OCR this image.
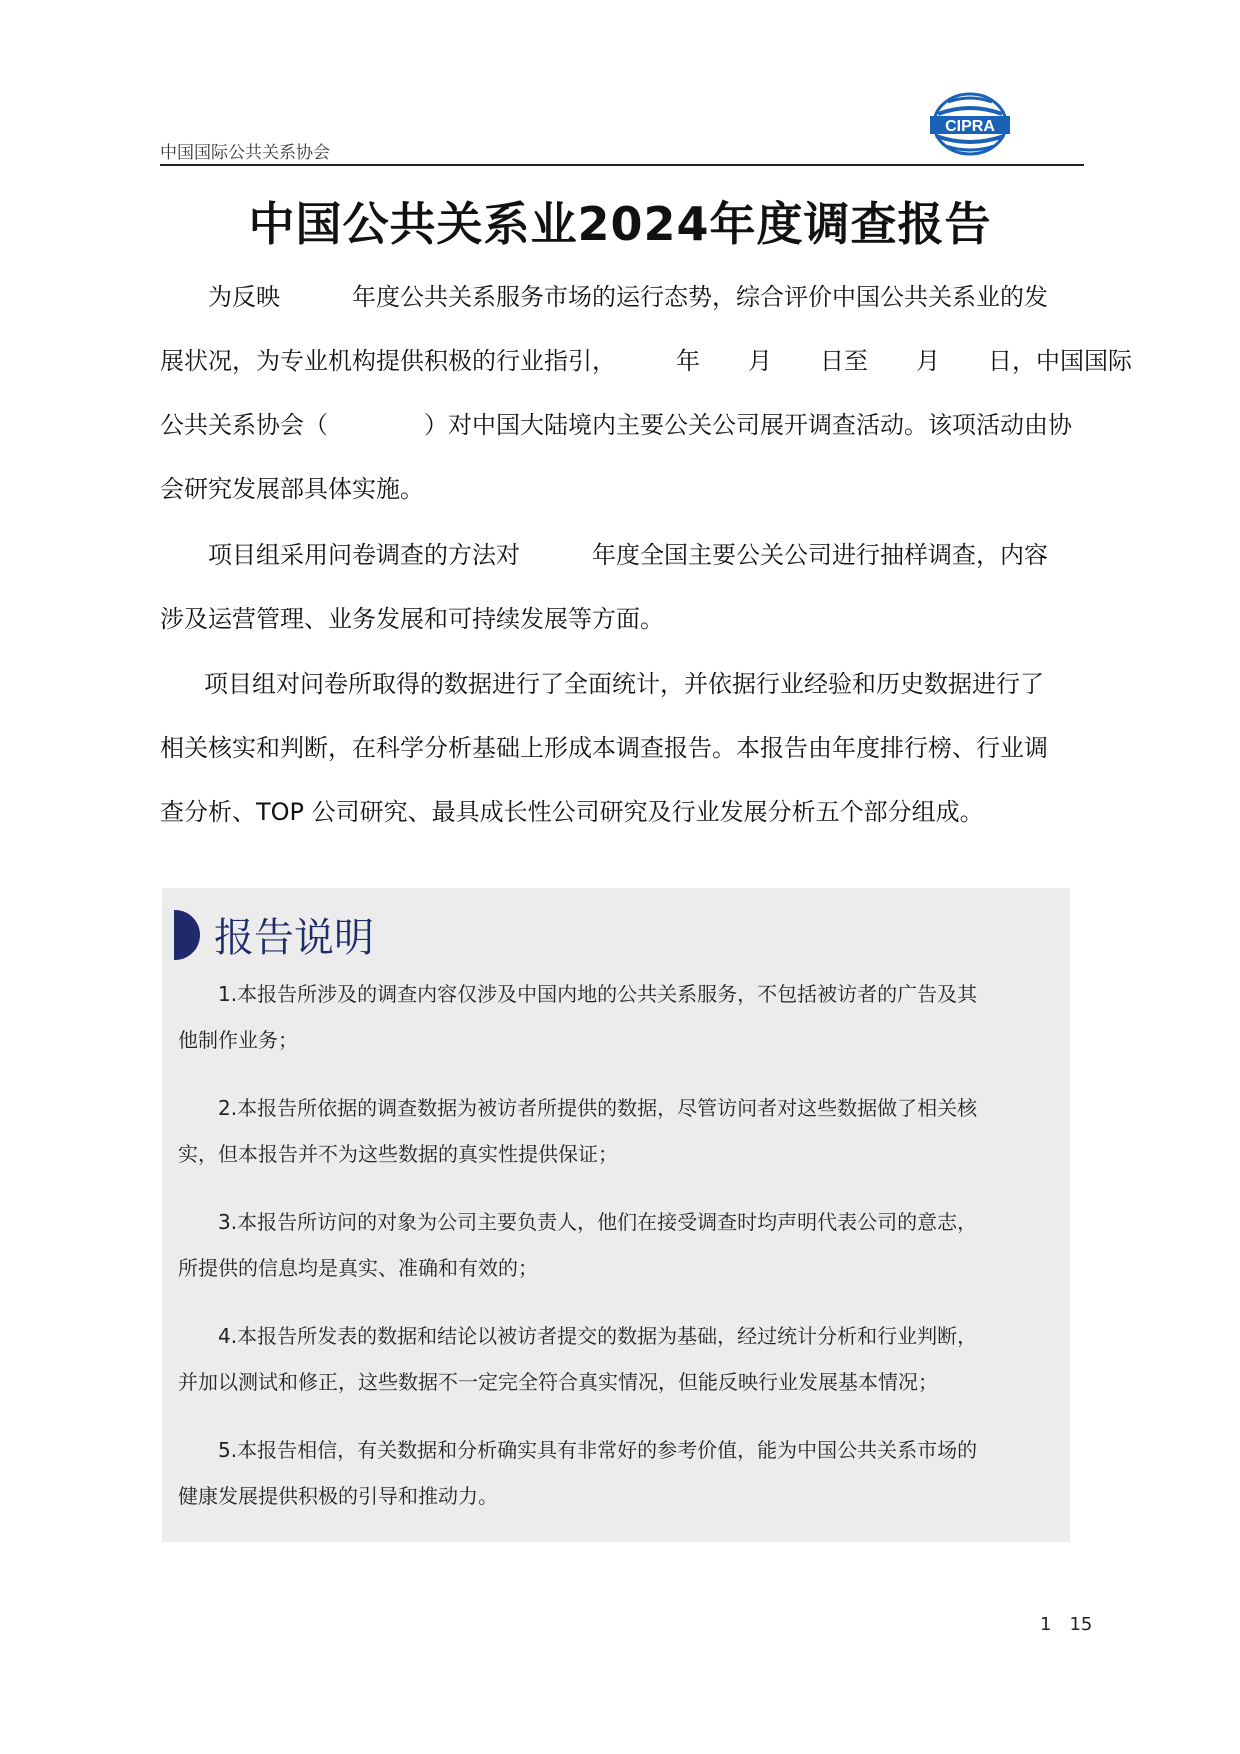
中国国际公共关系协会
CIPRA
中国公共关系业2024年度调查报告
为反映　　　年度公共关系服务市场的运行态势，综合评价中国公共关系业的发
展状况，为专业机构提供积极的行业指引，　　　年　　月　　日至　　月　　日，中国国际
公共关系协会（　　　　）对中国大陆境内主要公关公司展开调查活动。该项活动由协
会研究发展部具体实施。
项目组采用问卷调查的方法对　　　年度全国主要公关公司进行抽样调查，内容
涉及运营管理、业务发展和可持续发展等方面。
项目组对问卷所取得的数据进行了全面统计，并依据行业经验和历史数据进行了
相关核实和判断，在科学分析基础上形成本调查报告。本报告由年度排行榜、行业调
查分析、TOP 公司研究、最具成长性公司研究及行业发展分析五个部分组成。
报告说明
　　1.本报告所涉及的调查内容仅涉及中国内地的公共关系服务，不包括被访者的广告及其
他制作业务；
　　2.本报告所依据的调查数据为被访者所提供的数据，尽管访问者对这些数据做了相关核
实，但本报告并不为这些数据的真实性提供保证；
　　3.本报告所访问的对象为公司主要负责人，他们在接受调查时均声明代表公司的意志，
所提供的信息均是真实、准确和有效的；
　　4.本报告所发表的数据和结论以被访者提交的数据为基础，经过统计分析和行业判断，
并加以测试和修正，这些数据不一定完全符合真实情况，但能反映行业发展基本情况；
　　5.本报告相信，有关数据和分析确实具有非常好的参考价值，能为中国公共关系市场的
健康发展提供积极的引导和推动力。
1　15
